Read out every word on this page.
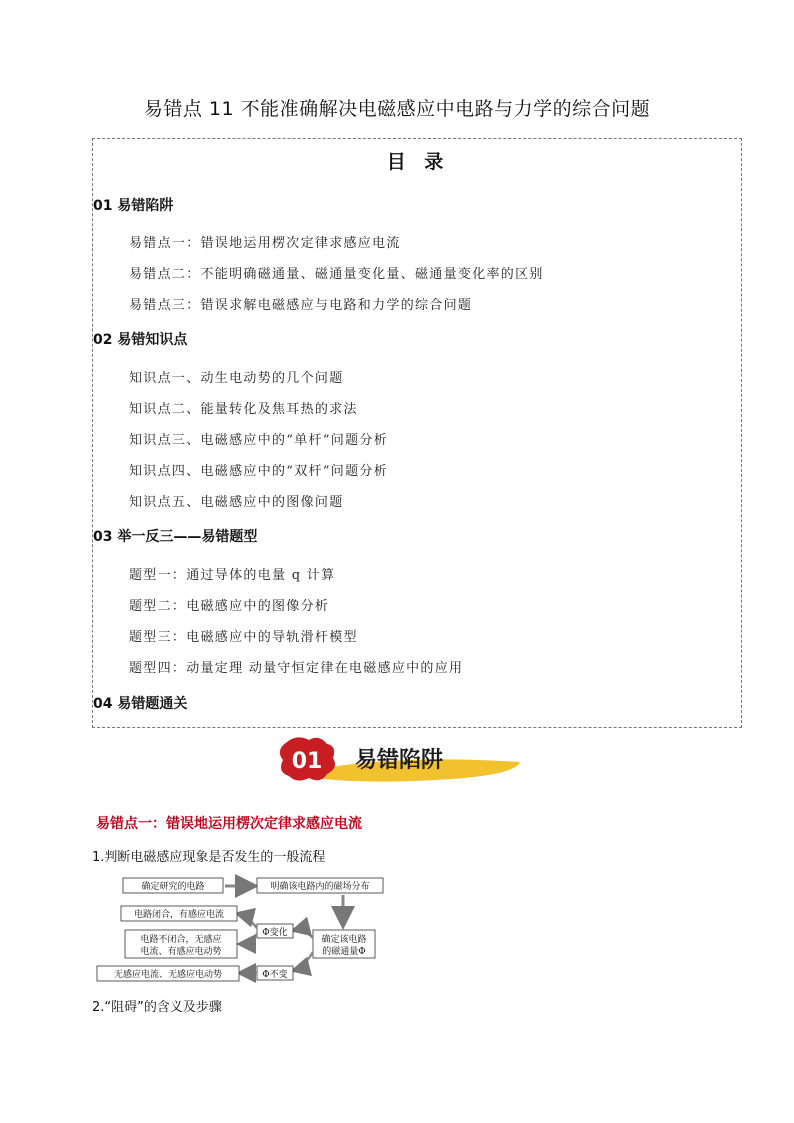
易错点 11 不能准确解决电磁感应中电路与力学的综合问题
目 录
01 易错陷阱
易错点一：错误地运用楞次定律求感应电流
易错点二：不能明确磁通量、磁通量变化量、磁通量变化率的区别
易错点三：错误求解电磁感应与电路和力学的综合问题
02 易错知识点
知识点一、动生电动势的几个问题
知识点二、能量转化及焦耳热的求法
知识点三、电磁感应中的“单杆”问题分析
知识点四、电磁感应中的“双杆”问题分析
知识点五、电磁感应中的图像问题
03 举一反三——易错题型
题型一：通过导体的电量 q 计算
题型二：电磁感应中的图像分析
题型三：电磁感应中的导轨滑杆模型
题型四：动量定理 动量守恒定律在电磁感应中的应用
04 易错题通关
01 易错陷阱
易错点一：错误地运用楞次定律求感应电流
1.判断电磁感应现象是否发生的一般流程
确定研究的电路	明确该电路内的磁场分布
确定该电路
的磁通量Φ
Φ变化
Φ不变
电路闭合，有感应电流
电路不闭合，无感应
电流、有感应电动势
无感应电流、无感应电动势
2.“阻碍”的含义及步骤
